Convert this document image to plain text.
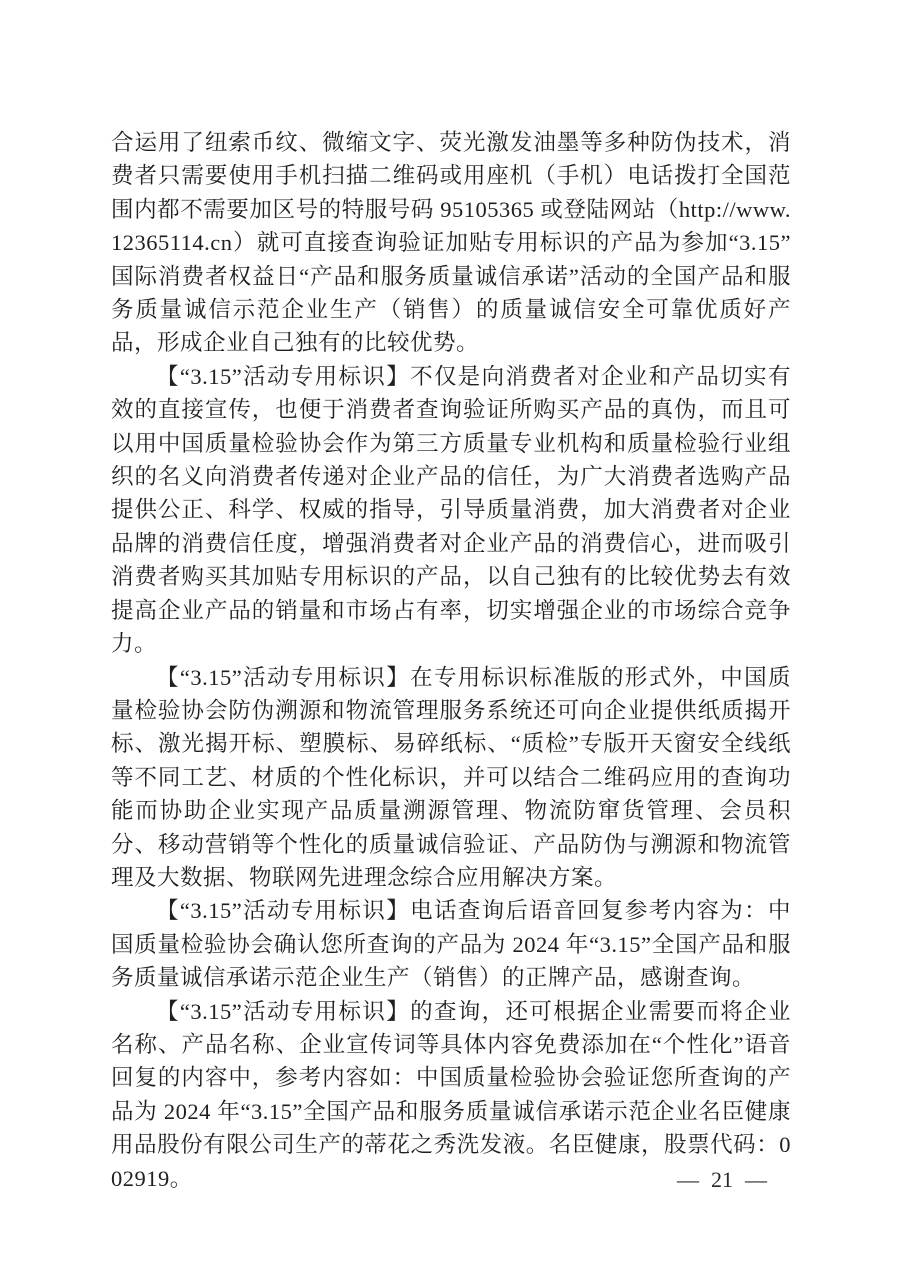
合运用了纽索币纹、微缩文字、荧光激发油墨等多种防伪技术，消费者只需要使用手机扫描二维码或用座机（手机）电话拨打全国范围内都不需要加区号的特服号码 95105365 或登陆网站（http://www.12365114.cn）就可直接查询验证加贴专用标识的产品为参加“3.15”国际消费者权益日“产品和服务质量诚信承诺”活动的全国产品和服务质量诚信示范企业生产（销售）的质量诚信安全可靠优质好产品，形成企业自己独有的比较优势。

【“3.15”活动专用标识】不仅是向消费者对企业和产品切实有效的直接宣传，也便于消费者查询验证所购买产品的真伪，而且可以用中国质量检验协会作为第三方质量专业机构和质量检验行业组织的名义向消费者传递对企业产品的信任，为广大消费者选购产品提供公正、科学、权威的指导，引导质量消费，加大消费者对企业品牌的消费信任度，增强消费者对企业产品的消费信心，进而吸引消费者购买其加贴专用标识的产品，以自己独有的比较优势去有效提高企业产品的销量和市场占有率，切实增强企业的市场综合竞争力。

【“3.15”活动专用标识】在专用标识标准版的形式外，中国质量检验协会防伪溯源和物流管理服务系统还可向企业提供纸质揭开标、激光揭开标、塑膜标、易碎纸标、“质检”专版开天窗安全线纸等不同工艺、材质的个性化标识，并可以结合二维码应用的查询功能而协助企业实现产品质量溯源管理、物流防窜货管理、会员积分、移动营销等个性化的质量诚信验证、产品防伪与溯源和物流管理及大数据、物联网先进理念综合应用解决方案。

【“3.15”活动专用标识】电话查询后语音回复参考内容为：中国质量检验协会确认您所查询的产品为 2024 年“3.15”全国产品和服务质量诚信承诺示范企业生产（销售）的正牌产品，感谢查询。

【“3.15”活动专用标识】的查询，还可根据企业需要而将企业名称、产品名称、企业宣传词等具体内容免费添加在“个性化”语音回复的内容中，参考内容如：中国质量检验协会验证您所查询的产品为 2024 年“3.15”全国产品和服务质量诚信承诺示范企业名臣健康用品股份有限公司生产的蒂花之秀洗发液。名臣健康，股票代码：002919。	— 21 —
